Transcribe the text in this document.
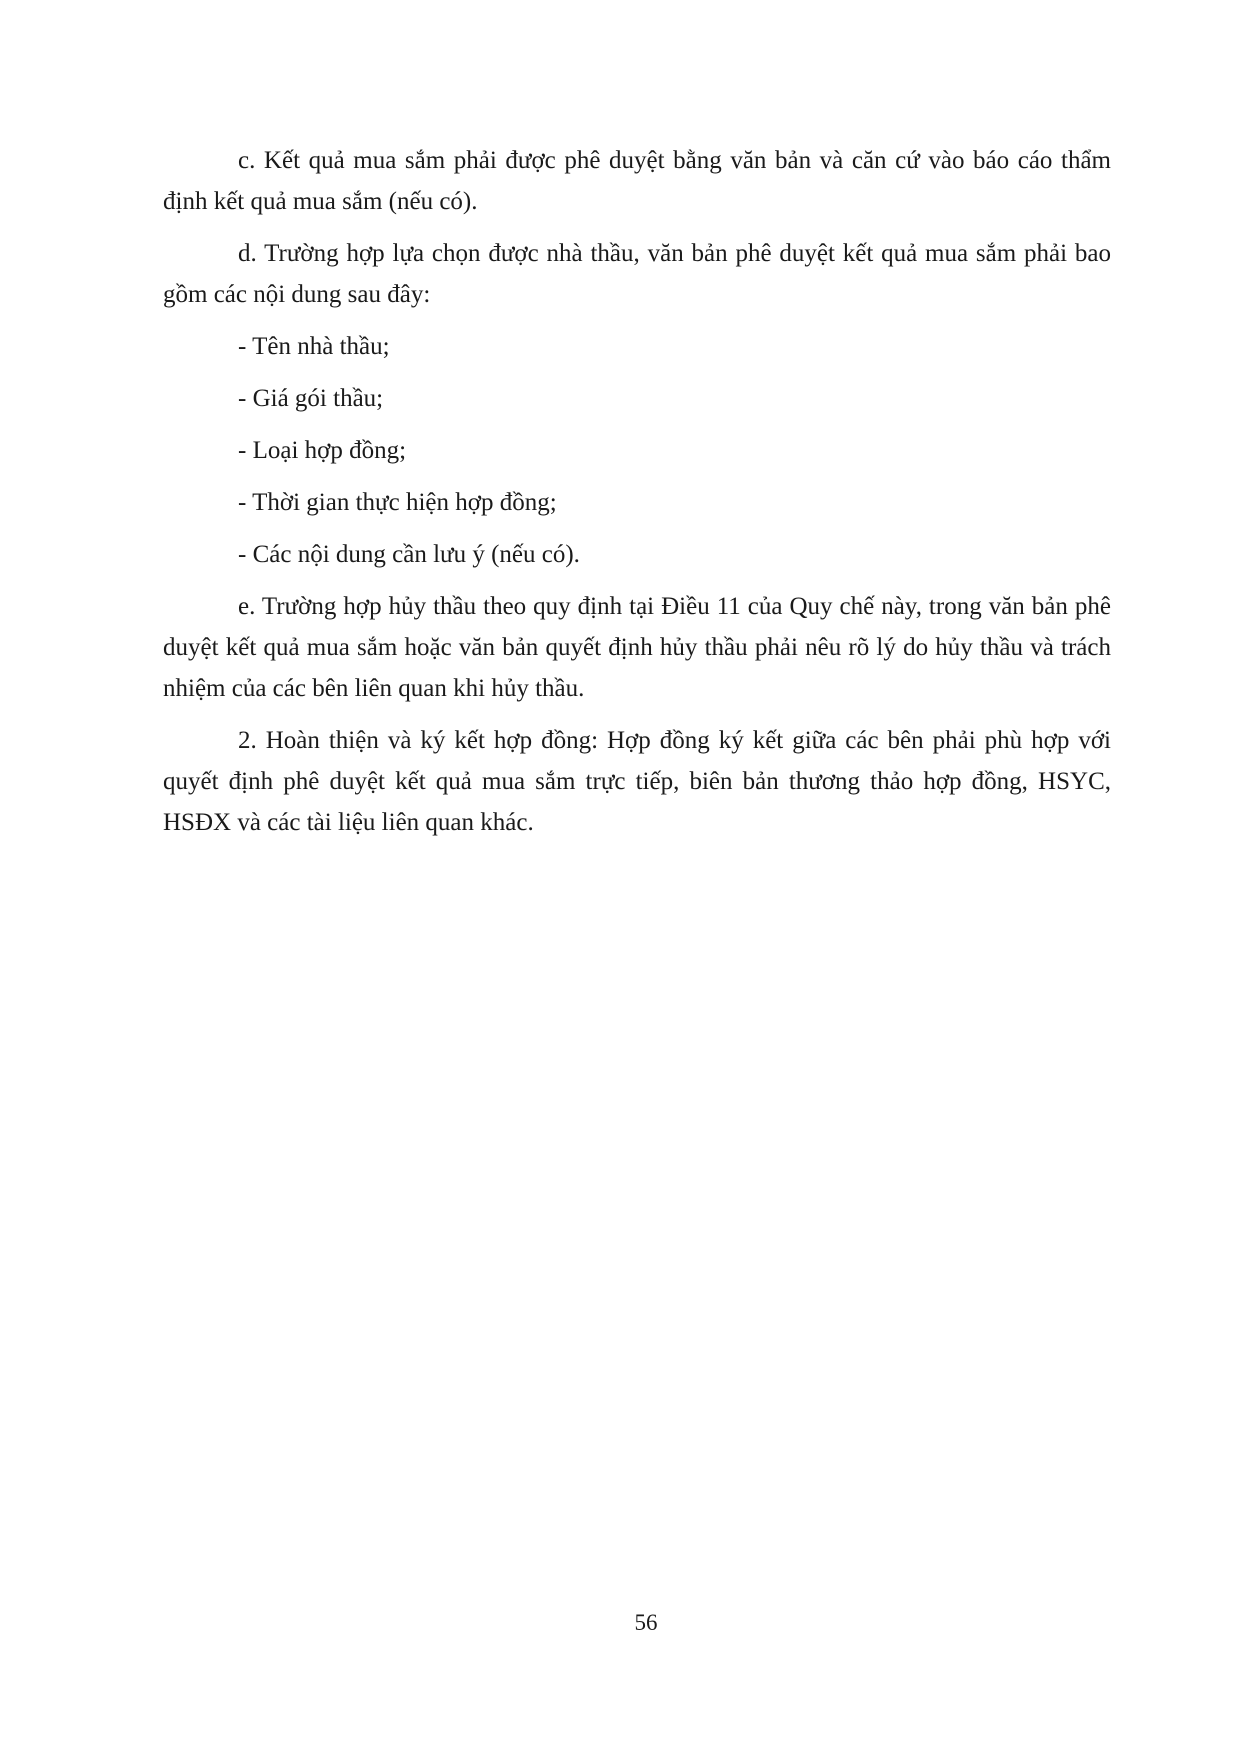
c. Kết quả mua sắm phải được phê duyệt bằng văn bản và căn cứ vào báo cáo thẩm định kết quả mua sắm (nếu có).

d. Trường hợp lựa chọn được nhà thầu, văn bản phê duyệt kết quả mua sắm phải bao gồm các nội dung sau đây:

- Tên nhà thầu;
- Giá gói thầu;
- Loại hợp đồng;
- Thời gian thực hiện hợp đồng;
- Các nội dung cần lưu ý (nếu có).

e. Trường hợp hủy thầu theo quy định tại Điều 11 của Quy chế này, trong văn bản phê duyệt kết quả mua sắm hoặc văn bản quyết định hủy thầu phải nêu rõ lý do hủy thầu và trách nhiệm của các bên liên quan khi hủy thầu.

2. Hoàn thiện và ký kết hợp đồng: Hợp đồng ký kết giữa các bên phải phù hợp với quyết định phê duyệt kết quả mua sắm trực tiếp, biên bản thương thảo hợp đồng, HSYC, HSĐX và các tài liệu liên quan khác.

56
